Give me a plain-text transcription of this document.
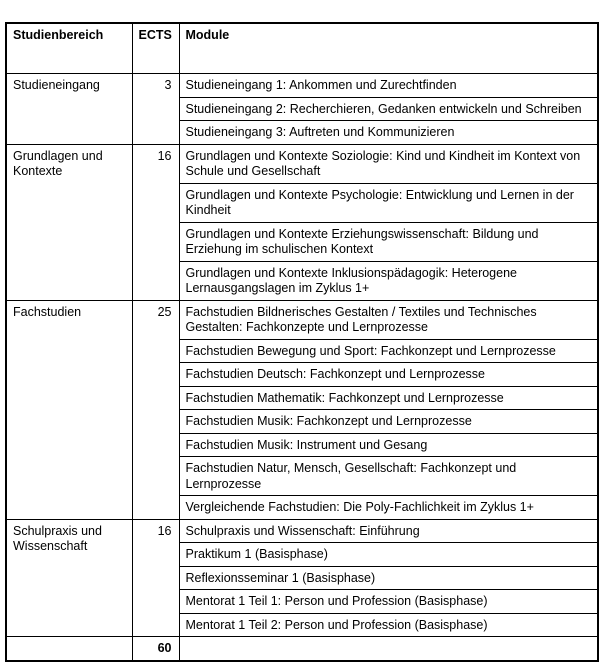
Studienbereich	ECTS	Module
Studieneingang	3	Studieneingang 1: Ankommen und Zurechtfinden
		Studieneingang 2: Recherchieren, Gedanken entwickeln und Schreiben
		Studieneingang 3: Auftreten und Kommunizieren
Grundlagen und Kontexte	16	Grundlagen und Kontexte Soziologie: Kind und Kindheit im Kontext von Schule und Gesellschaft
		Grundlagen und Kontexte Psychologie: Entwicklung und Lernen in der Kindheit
		Grundlagen und Kontexte Erziehungswissenschaft: Bildung und Erziehung im schulischen Kontext
		Grundlagen und Kontexte Inklusionspädagogik: Heterogene Lernausgangslagen im Zyklus 1+
Fachstudien	25	Fachstudien Bildnerisches Gestalten / Textiles und Technisches Gestalten: Fachkonzepte und Lernprozesse
		Fachstudien Bewegung und Sport: Fachkonzept und Lernprozesse
		Fachstudien Deutsch: Fachkonzept und Lernprozesse
		Fachstudien Mathematik: Fachkonzept und Lernprozesse
		Fachstudien Musik: Fachkonzept und Lernprozesse
		Fachstudien Musik: Instrument und Gesang
		Fachstudien Natur, Mensch, Gesellschaft: Fachkonzept und Lernprozesse
		Vergleichende Fachstudien: Die Poly-Fachlichkeit im Zyklus 1+
Schulpraxis und Wissenschaft	16	Schulpraxis und Wissenschaft: Einführung
		Praktikum 1 (Basisphase)
		Reflexionsseminar 1 (Basisphase)
		Mentorat 1 Teil 1: Person und Profession (Basisphase)
		Mentorat 1 Teil 2: Person und Profession (Basisphase)
	60	
